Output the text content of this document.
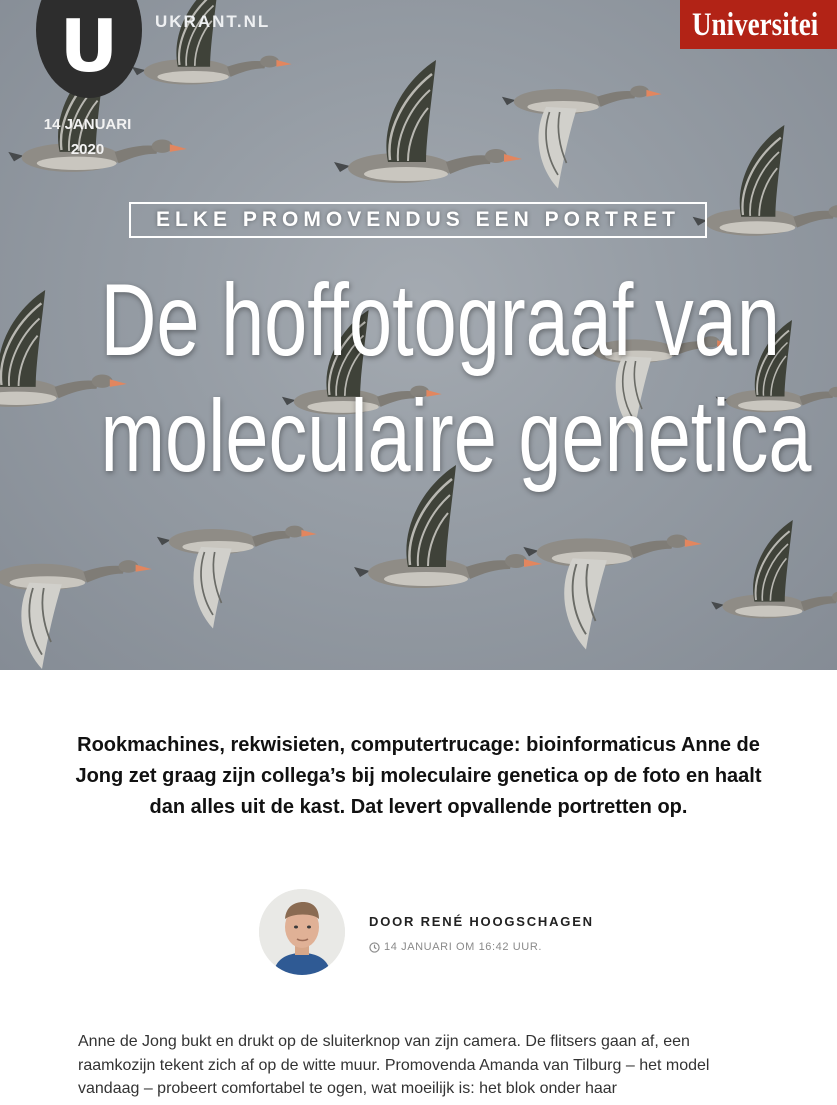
U	UKRANT.NL	Universitei
14 JANUARI
2020
ELKE PROMOVENDUS EEN PORTRET
De hoffotograaf van
moleculaire genetica
Rookmachines, rekwisieten, computertrucage: bioinformaticus Anne de Jong zet graag zijn collega’s bij moleculaire genetica op de foto en haalt dan alles uit de kast. Dat levert opvallende portretten op.
DOOR RENÉ HOOGSCHAGEN
14 JANUARI OM 16:42 UUR.
Anne de Jong bukt en drukt op de sluiterknop van zijn camera. De flitsers gaan af, een raamkozijn tekent zich af op de witte muur. Promovenda Amanda van Tilburg – het model vandaag – probeert comfortabel te ogen, wat moeilijk is: het blok onder haar
